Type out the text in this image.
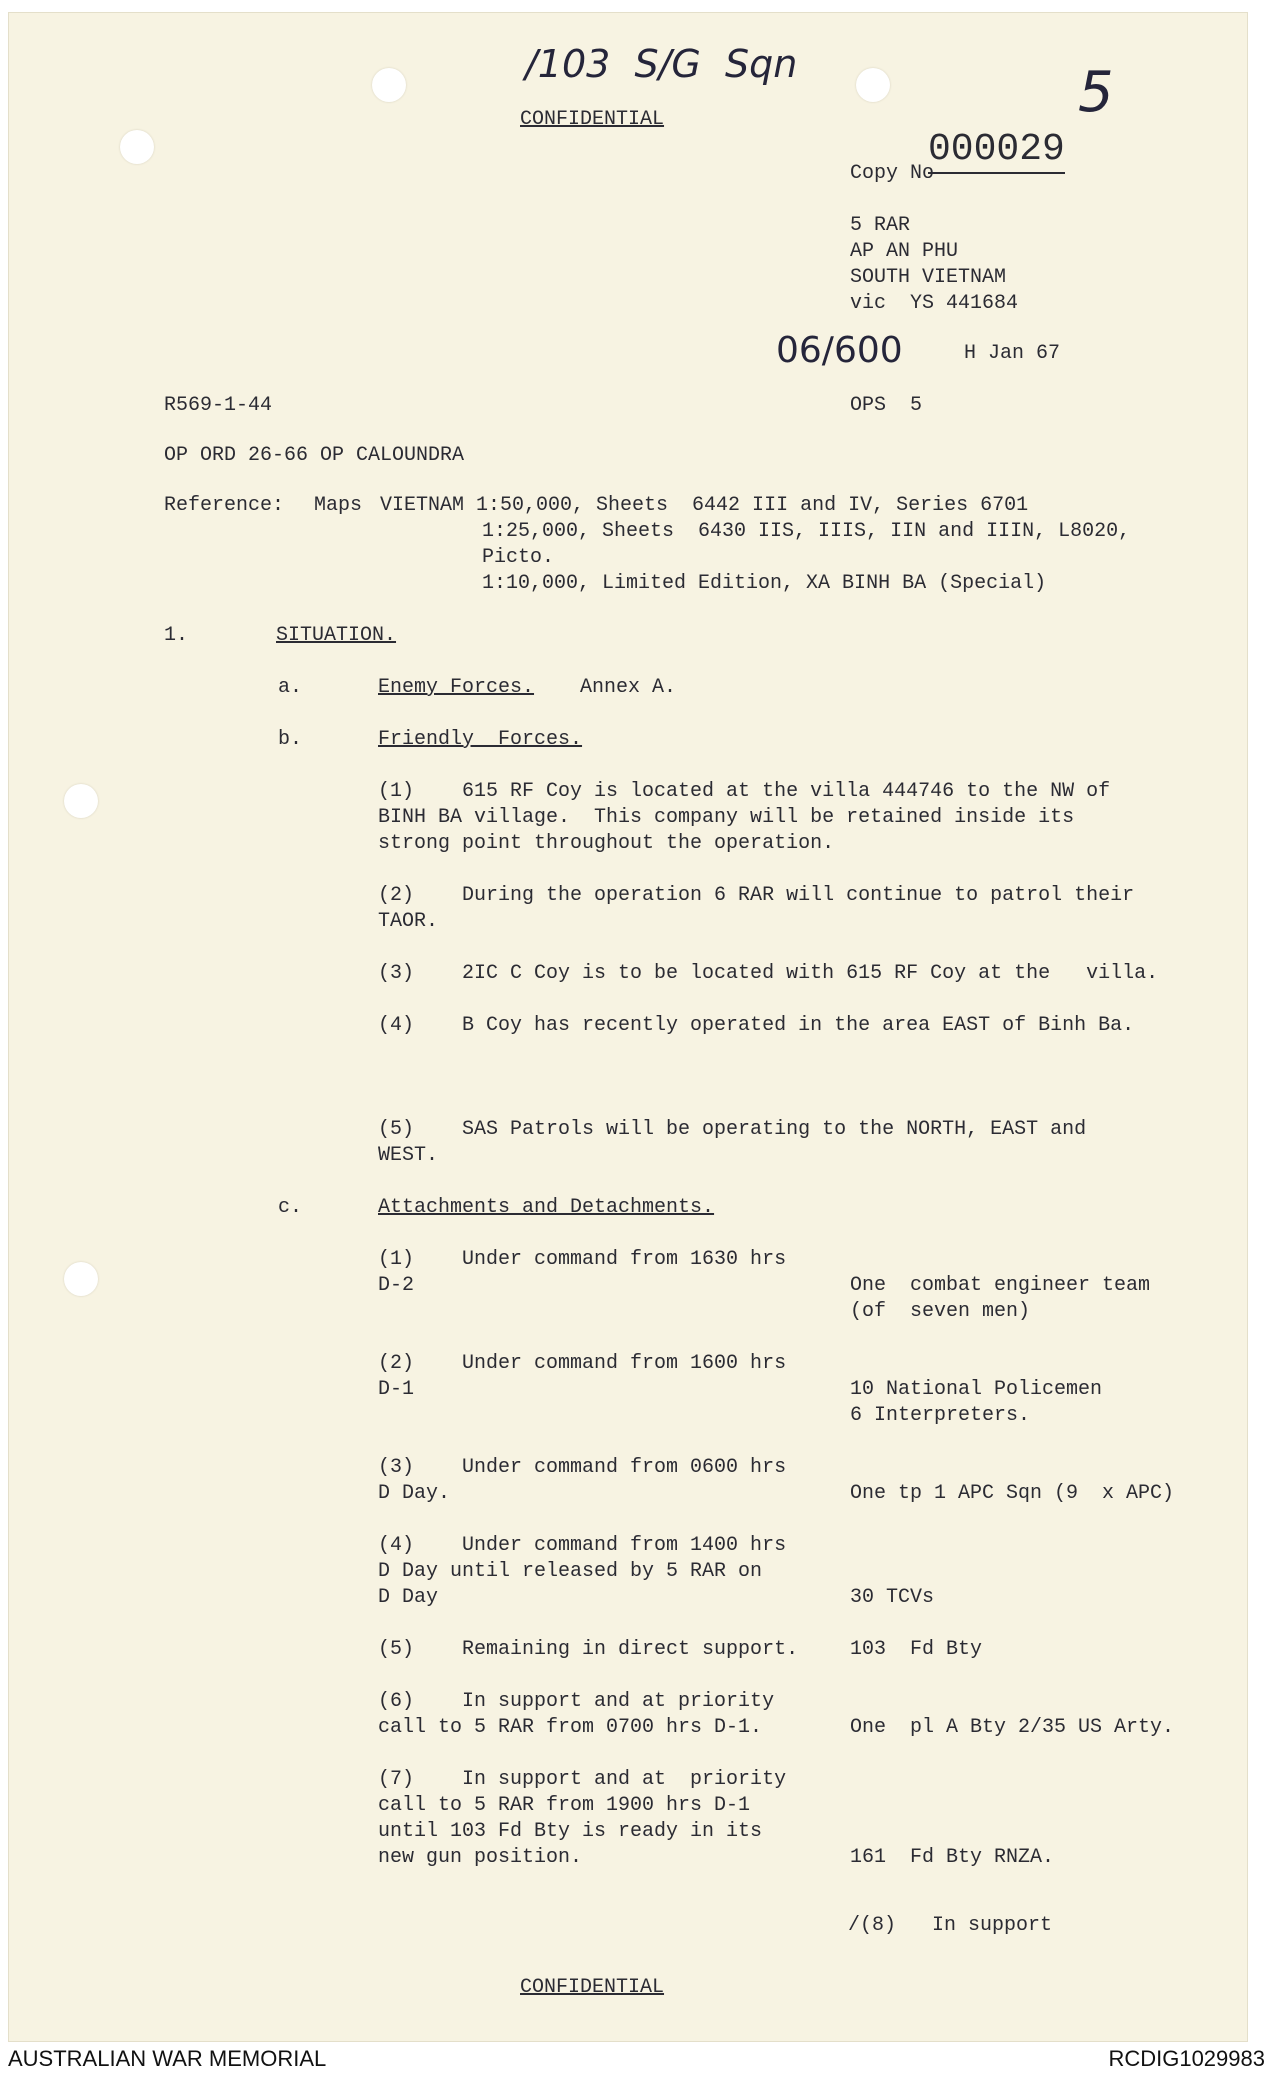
/103  S/G  Sqn	5
06/600
CONFIDENTIAL
Copy No
000029
5 RAR
AP AN PHU
SOUTH VIETNAM
vic  YS 441684
H Jan 67
R569-1-44	OPS  5
OP ORD 26-66 OP CALOUNDRA
Reference: Maps VIETNAM 1:50,000, Sheets  6442 III and IV, Series 6701
1:25,000, Sheets  6430 IIS, IIIS, IIN and IIIN, L8020,
Picto.
1:10,000, Limited Edition, XA BINH BA (Special)
1.	SITUATION.
a.	Enemy Forces. Annex A.
b.	Friendly  Forces.
(1)    615 RF Coy is located at the villa 444746 to the NW of
BINH BA village.  This company will be retained inside its
strong point throughout the operation.
(2)    During the operation 6 RAR will continue to patrol their
TAOR.
(3)    2IC C Coy is to be located with 615 RF Coy at the   villa.
(4)    B Coy has recently operated in the area EAST of Binh Ba.
(5)    SAS Patrols will be operating to the NORTH, EAST and
WEST.
c.	Attachments and Detachments.
(1)    Under command from 1630 hrs
D-2	One  combat engineer team
(of  seven men)
(2)    Under command from 1600 hrs
D-1	10 National Policemen
6 Interpreters.
(3)    Under command from 0600 hrs
D Day.	One tp 1 APC Sqn (9  x APC)
(4)    Under command from 1400 hrs
D Day until released by 5 RAR on
D Day	30 TCVs
(5)    Remaining in direct support.	103  Fd Bty
(6)    In support and at priority
call to 5 RAR from 0700 hrs D-1.	One  pl A Bty 2/35 US Arty.
(7)    In support and at  priority
call to 5 RAR from 1900 hrs D-1
until 103 Fd Bty is ready in its
new gun position.	161  Fd Bty RNZA.
/(8)   In support
CONFIDENTIAL
AUSTRALIAN WAR MEMORIAL	RCDIG1029983
